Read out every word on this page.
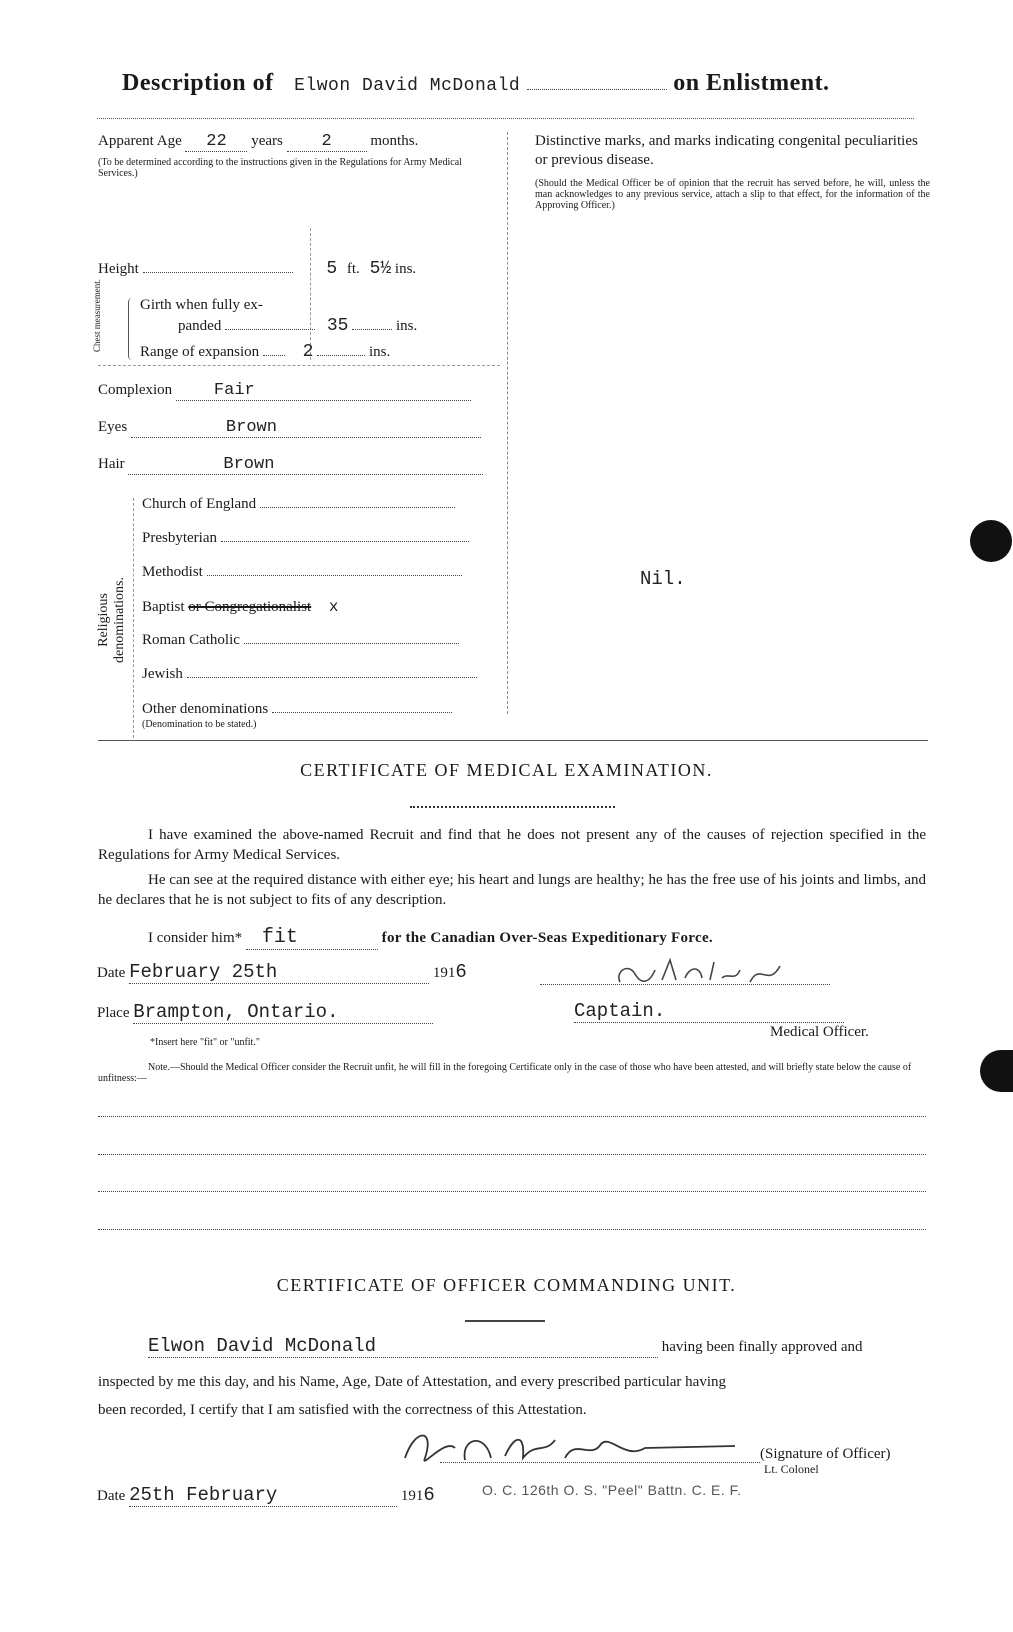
Description of Elwon David McDonald	on Enlistment.
Apparent Age 22 years 2	months.
(To be determined according to the instructions given in the Regulations for Army Medical Services.)
Height	5 ft. 5½ ins.
Chest measurement.	Girth when fully ex-
panded	35	ins.
Range of expansion 2	ins.
Complexion Fair
Eyes	Brown
Hair	Brown
Religious denominations.
Church of England
Presbyterian
Methodist
Baptist or Congregationalist x
Roman Catholic
Jewish
Other denominations
(Denomination to be stated.)
Distinctive marks, and marks indicating congenital peculiarities or previous disease.
(Should the Medical Officer be of opinion that the recruit has served before, he will, unless the man acknowledges to any previous service, attach a slip to that effect, for the information of the Approving Officer.)
Nil.
CERTIFICATE OF MEDICAL EXAMINATION.
I have examined the above-named Recruit and find that he does not present any of the causes of rejection specified in the Regulations for Army Medical Services.
He can see at the required distance with either eye; his heart and lungs are healthy; he has the free use of his joints and limbs, and he declares that he is not subject to fits of any description.
I consider him* fit	for the Canadian Over-Seas Expeditionary Force.
Date February 25th	1916
Place Brampton, Ontario.	Captain.
Medical Officer.
*Insert here "fit" or "unfit."
Note.—Should the Medical Officer consider the Recruit unfit, he will fill in the foregoing Certificate only in the case of those who have been attested, and will briefly state below the cause of unfitness:—
CERTIFICATE OF OFFICER COMMANDING UNIT.
Elwon David McDonald	having been finally approved and
inspected by me this day, and his Name, Age, Date of Attestation, and every prescribed particular having
been recorded, I certify that I am satisfied with the correctness of this Attestation.
(Signature of Officer)
Lt. Colonel
Date 25th February	1916	O. C. 126th O. S. "Peel" Battn. C. E. F.
